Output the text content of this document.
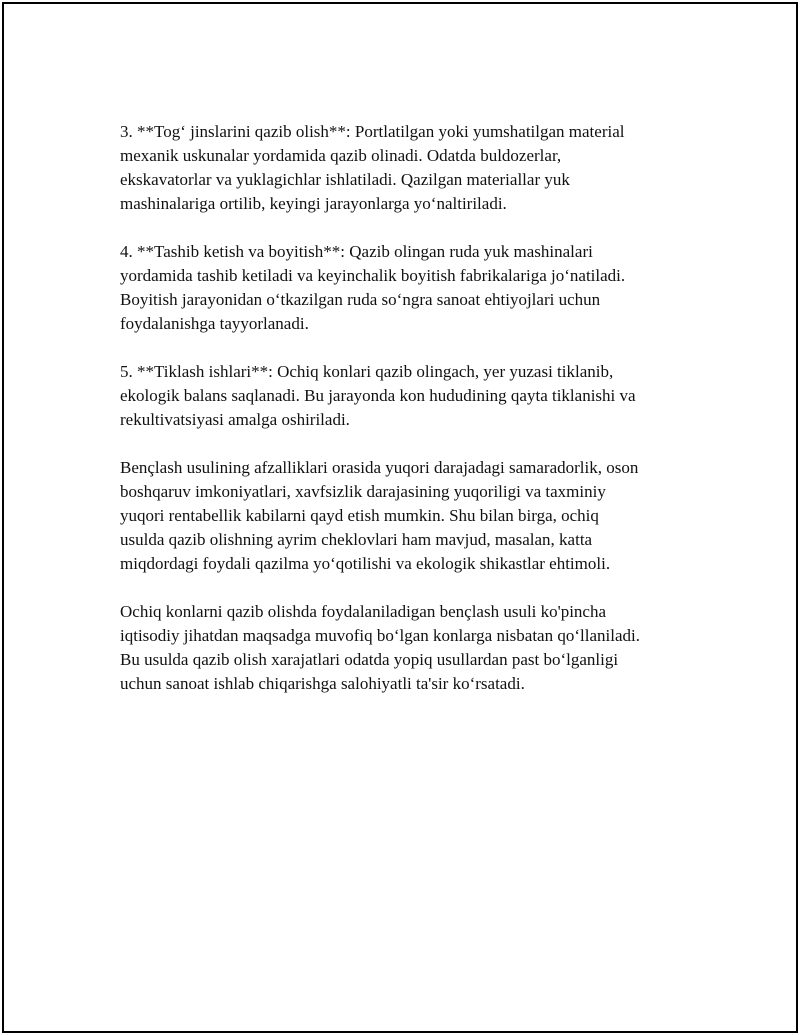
3. **Tog‘ jinslarini qazib olish**: Portlatilgan yoki yumshatilgan material
mexanik uskunalar yordamida qazib olinadi. Odatda buldozerlar,
ekskavatorlar va yuklagichlar ishlatiladi. Qazilgan materiallar yuk
mashinalariga ortilib, keyingi jarayonlarga yo‘naltiriladi.

4. **Tashib ketish va boyitish**: Qazib olingan ruda yuk mashinalari
yordamida tashib ketiladi va keyinchalik boyitish fabrikalariga jo‘natiladi.
Boyitish jarayonidan o‘tkazilgan ruda so‘ngra sanoat ehtiyojlari uchun
foydalanishga tayyorlanadi.

5. **Tiklash ishlari**: Ochiq konlari qazib olingach, yer yuzasi tiklanib,
ekologik balans saqlanadi. Bu jarayonda kon hududining qayta tiklanishi va
rekultivatsiyasi amalga oshiriladi.

Bençlash usulining afzalliklari orasida yuqori darajadagi samaradorlik, oson
boshqaruv imkoniyatlari, xavfsizlik darajasining yuqoriligi va taxminiy
yuqori rentabellik kabilarni qayd etish mumkin. Shu bilan birga, ochiq
usulda qazib olishning ayrim cheklovlari ham mavjud, masalan, katta
miqdordagi foydali qazilma yo‘qotilishi va ekologik shikastlar ehtimoli.

Ochiq konlarni qazib olishda foydalaniladigan bençlash usuli ko'pincha
iqtisodiy jihatdan maqsadga muvofiq bo‘lgan konlarga nisbatan qo‘llaniladi.
Bu usulda qazib olish xarajatlari odatda yopiq usullardan past bo‘lganligi
uchun sanoat ishlab chiqarishga salohiyatli ta'sir ko‘rsatadi.
